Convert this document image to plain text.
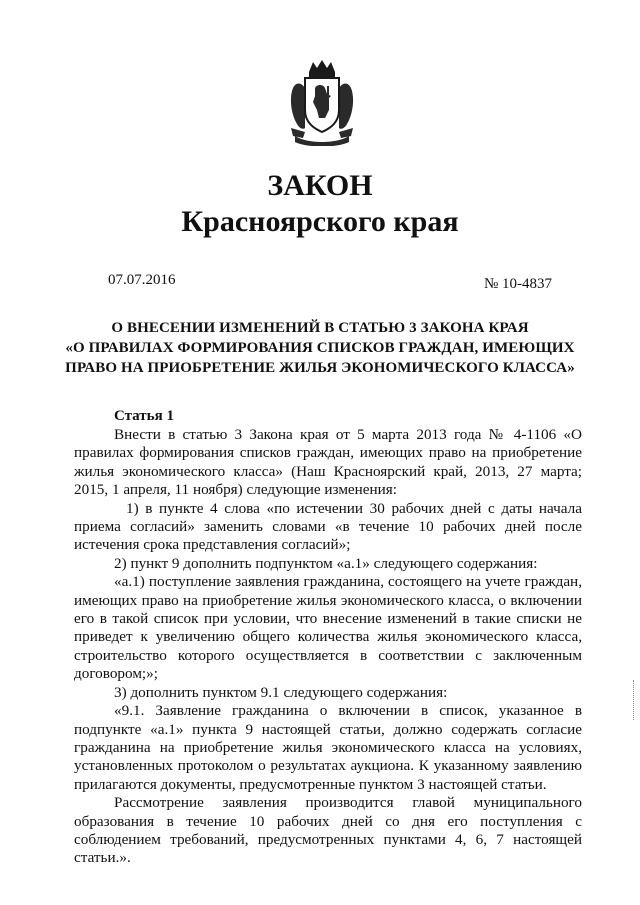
ЗАКОН
Красноярского края
07.07.2016	№ 10-4837
О ВНЕСЕНИИ ИЗМЕНЕНИЙ В СТАТЬЮ 3 ЗАКОНА КРАЯ
«О ПРАВИЛАХ ФОРМИРОВАНИЯ СПИСКОВ ГРАЖДАН, ИМЕЮЩИХ
ПРАВО НА ПРИОБРЕТЕНИЕ ЖИЛЬЯ ЭКОНОМИЧЕСКОГО КЛАССА»
Статья 1

Внести в статью 3 Закона края от 5 марта 2013 года № 4-1106 «О правилах формирования списков граждан, имеющих право на приобретение жилья экономического класса» (Наш Красноярский край, 2013, 27 марта; 2015, 1 апреля, 11 ноября) следующие изменения:

1) в пункте 4 слова «по истечении 30 рабочих дней с даты начала приема согласий» заменить словами «в течение 10 рабочих дней после истечения срока представления согласий»;

2) пункт 9 дополнить подпунктом «а.1» следующего содержания:

«а.1) поступление заявления гражданина, состоящего на учете граждан, имеющих право на приобретение жилья экономического класса, о включении его в такой список при условии, что внесение изменений в такие списки не приведет к увеличению общего количества жилья экономического класса, строительство которого осуществляется в соответствии с заключенным договором;»;

3) дополнить пунктом 9.1 следующего содержания:

«9.1. Заявление гражданина о включении в список, указанное в подпункте «а.1» пункта 9 настоящей статьи, должно содержать согласие гражданина на приобретение жилья экономического класса на условиях, установленных протоколом о результатах аукциона. К указанному заявлению прилагаются документы, предусмотренные пунктом 3 настоящей статьи.

Рассмотрение заявления производится главой муниципального образования в течение 10 рабочих дней со дня его поступления с соблюдением требований, предусмотренных пунктами 4, 6, 7 настоящей статьи.».
